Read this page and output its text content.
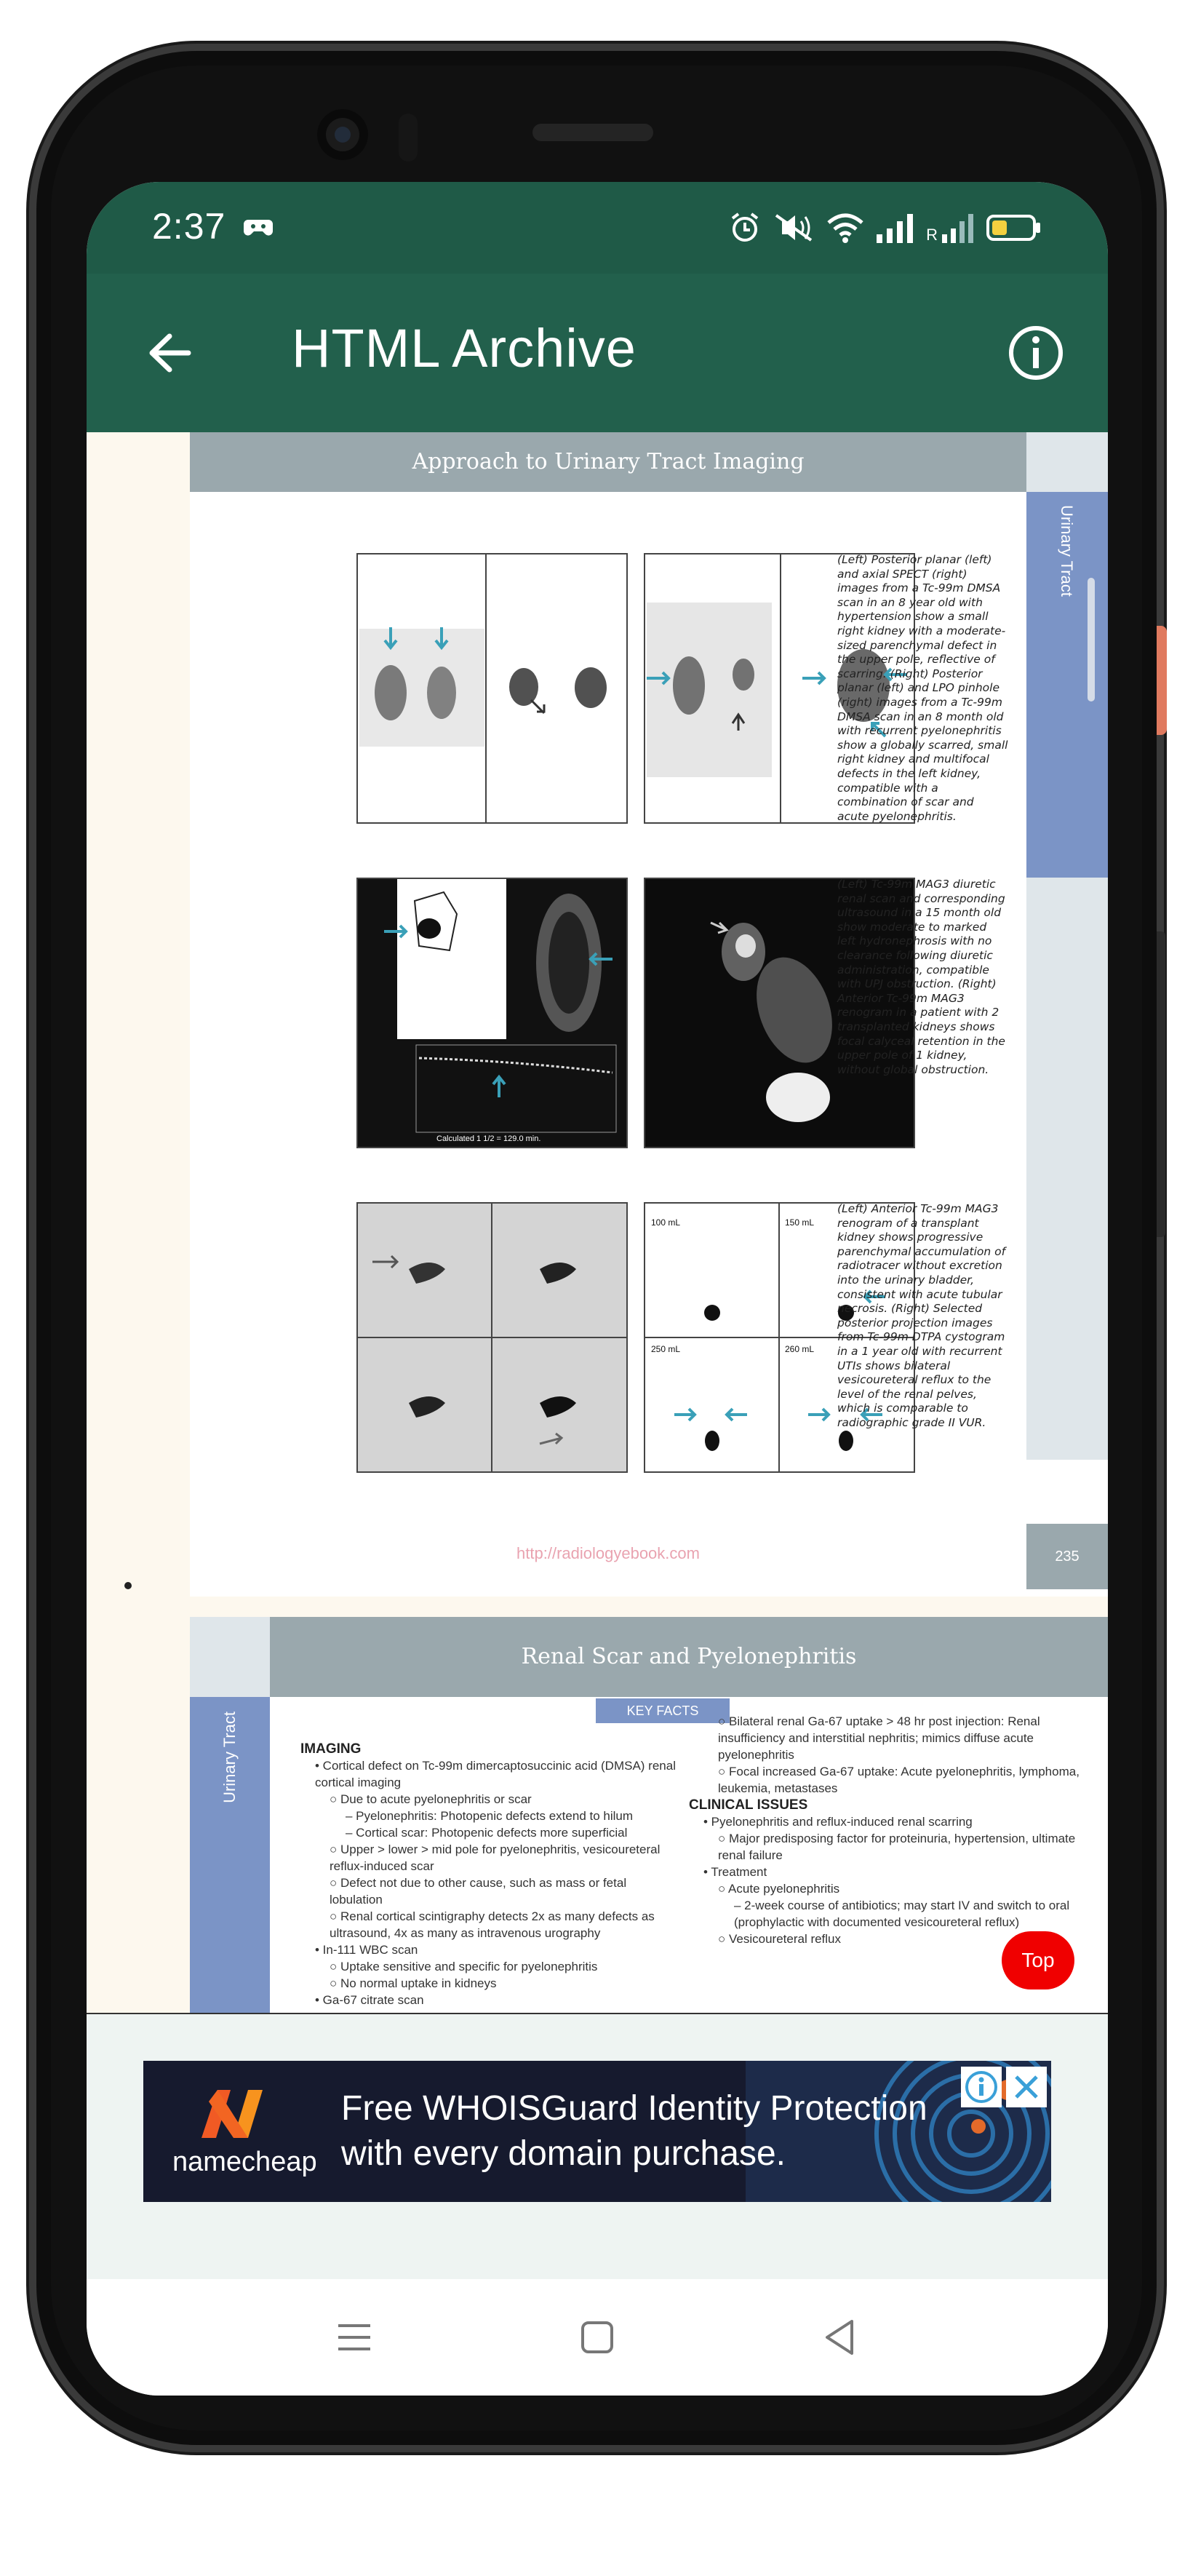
2:37	R
HTML Archive
Approach to Urinary Tract Imaging
Urinary Tract
(Left) Posterior planar (left) and axial SPECT (right) images from a Tc-99m DMSA scan in an 8 year old with hypertension show a small right kidney with a moderate-sized parenchymal defect in the upper pole, reflective of scarring. (Right) Posterior planar (left) and LPO pinhole (right) images from a Tc-99m DMSA scan in an 8 month old with recurrent pyelonephritis show a globally scarred, small right kidney and multifocal defects in the left kidney, compatible with a combination of scar and acute pyelonephritis.
Calculated 1 1/2 = 129.0 min.
(Left) Tc-99m MAG3 diuretic renal scan and corresponding ultrasound in a 15 month old show moderate to marked left hydronephrosis with no clearance following diuretic administration, compatible with UPJ obstruction. (Right) Anterior Tc-99m MAG3 renogram in a patient with 2 transplanted kidneys shows focal calyceal retention in the upper pole of 1 kidney, without global obstruction.
100 mL	150 mL
250 mL	260 mL
(Left) Anterior Tc-99m MAG3 renogram of a transplant kidney shows progressive parenchymal accumulation of radiotracer without excretion into the urinary bladder, consistent with acute tubular necrosis. (Right) Selected posterior projection images from Tc-99m DTPA cystogram in a 1 year old with recurrent UTIs shows bilateral vesicoureteral reflux to the level of the renal pelves, which is comparable to radiographic grade II VUR.
http://radiologyebook.com	235
Renal Scar and Pyelonephritis
Urinary Tract
KEY FACTS
IMAGING
• Cortical defect on Tc-99m dimercaptosuccinic acid (DMSA) renal cortical imaging
○ Due to acute pyelonephritis or scar
– Pyelonephritis: Photopenic defects extend to hilum
– Cortical scar: Photopenic defects more superficial
○ Upper > lower > mid pole for pyelonephritis, vesicoureteral reflux-induced scar
○ Defect not due to other cause, such as mass or fetal lobulation
○ Renal cortical scintigraphy detects 2x as many defects as ultrasound, 4x as many as intravenous urography
• In-111 WBC scan
○ Uptake sensitive and specific for pyelonephritis
○ No normal uptake in kidneys
• Ga-67 citrate scan
○ Bilateral renal Ga-67 uptake > 48 hr post injection: Renal insufficiency and interstitial nephritis; mimics diffuse acute pyelonephritis
○ Focal increased Ga-67 uptake: Acute pyelonephritis, lymphoma, leukemia, metastases
CLINICAL ISSUES
• Pyelonephritis and reflux-induced renal scarring
○ Major predisposing factor for proteinuria, hypertension, ultimate renal failure
• Treatment
○ Acute pyelonephritis
– 2-week course of antibiotics; may start IV and switch to oral (prophylactic with documented vesicoureteral reflux)
○ Vesicoureteral reflux
Top
namecheap
Free WHOISGuard Identity Protection
with every domain purchase.
